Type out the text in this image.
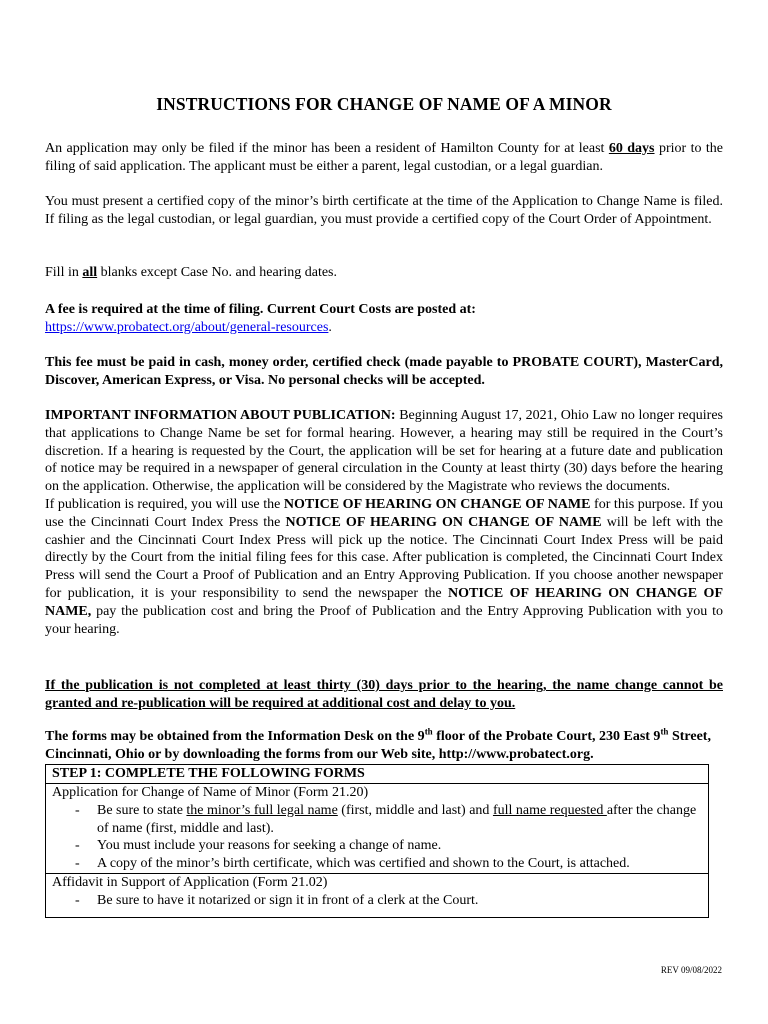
INSTRUCTIONS FOR CHANGE OF NAME OF A MINOR
An application may only be filed if the minor has been a resident of Hamilton County for at least 60 days prior to the filing of said application. The applicant must be either a parent, legal custodian, or a legal guardian.
You must present a certified copy of the minor’s birth certificate at the time of the Application to Change Name is filed. If filing as the legal custodian, or legal guardian, you must provide a certified copy of the Court Order of Appointment.
Fill in all blanks except Case No. and hearing dates.
A fee is required at the time of filing. Current Court Costs are posted at:
https://www.probatect.org/about/general-resources.
This fee must be paid in cash, money order, certified check (made payable to PROBATE COURT), MasterCard, Discover, American Express, or Visa. No personal checks will be accepted.
IMPORTANT INFORMATION ABOUT PUBLICATION: Beginning August 17, 2021, Ohio Law no longer requires that applications to Change Name be set for formal hearing. However, a hearing may still be required in the Court’s discretion. If a hearing is requested by the Court, the application will be set for hearing at a future date and publication of notice may be required in a newspaper of general circulation in the County at least thirty (30) days before the hearing on the application. Otherwise, the application will be considered by the Magistrate who reviews the documents.
If publication is required, you will use the NOTICE OF HEARING ON CHANGE OF NAME for this purpose. If you use the Cincinnati Court Index Press the NOTICE OF HEARING ON CHANGE OF NAME will be left with the cashier and the Cincinnati Court Index Press will pick up the notice. The Cincinnati Court Index Press will be paid directly by the Court from the initial filing fees for this case. After publication is completed, the Cincinnati Court Index Press will send the Court a Proof of Publication and an Entry Approving Publication. If you choose another newspaper for publication, it is your responsibility to send the newspaper the NOTICE OF HEARING ON CHANGE OF NAME, pay the publication cost and bring the Proof of Publication and the Entry Approving Publication with you to your hearing.
If the publication is not completed at least thirty (30) days prior to the hearing, the name change cannot be granted and re-publication will be required at additional cost and delay to you.
The forms may be obtained from the Information Desk on the 9th floor of the Probate Court, 230 East 9th Street, Cincinnati, Ohio or by downloading the forms from our Web site, http://www.probatect.org.
STEP 1: COMPLETE THE FOLLOWING FORMS
Application for Change of Name of Minor (Form 21.20)
- Be sure to state the minor’s full legal name (first, middle and last) and full name requested after the change of name (first, middle and last).
- You must include your reasons for seeking a change of name.
- A copy of the minor’s birth certificate, which was certified and shown to the Court, is attached.
Affidavit in Support of Application (Form 21.02)
- Be sure to have it notarized or sign it in front of a clerk at the Court.
REV 09/08/2022
